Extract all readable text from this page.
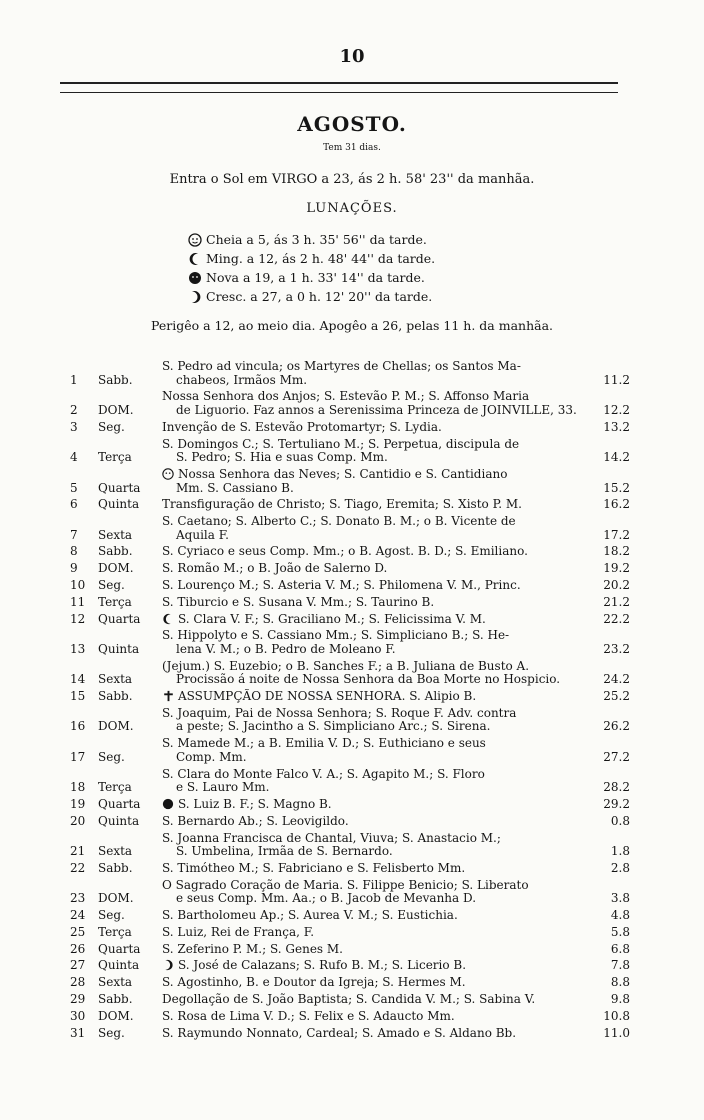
10
AGOSTO.
Tem 31 dias.
Entra o Sol em VIRGO a 23, ás 2 h. 58' 23'' da manhãa.
LUNAÇÕES.
Cheia a 5, ás 3 h. 35' 56'' da tarde.
Ming. a 12, ás 2 h. 48' 44'' da tarde.
Nova a 19, a 1 h. 33' 14'' da tarde.
Cresc. a 27, a 0 h. 12' 20'' da tarde.
Perigêo a 12, ao meio dia. Apogêo a 26, pelas 11 h. da manhãa.
1	Sabb.
S. Pedro ad vincula; os Martyres de Chellas; os Santos Ma-
chabeos, Irmãos Mm.	11.2
2	DOM.
Nossa Senhora dos Anjos; S. Estevão P. M.; S. Affonso Maria
de Liguorio. Faz annos a Serenissima Princeza de JOINVILLE, 33.	12.2
3	Seg.	Invenção de S. Estevão Protomartyr; S. Lydia.	13.2
4	Terça
S. Domingos C.; S. Tertuliano M.; S. Perpetua, discipula de
S. Pedro; S. Hia e suas Comp. Mm.	14.2
5	Quarta
Nossa Senhora das Neves; S. Cantidio e S. Cantidiano
Mm. S. Cassiano B.	15.2
6	Quinta	Transfiguração de Christo; S. Tiago, Eremita; S. Xisto P. M.	16.2
7	Sexta
S. Caetano; S. Alberto C.; S. Donato B. M.; o B. Vicente de
Aquila F.	17.2
8	Sabb.	S. Cyriaco e seus Comp. Mm.; o B. Agost. B. D.; S. Emiliano.	18.2
9	DOM.	S. Romão M.; o B. João de Salerno D.	19.2
10	Seg.	S. Lourenço M.; S. Asteria V. M.; S. Philomena V. M., Princ.	20.2
11	Terça	S. Tiburcio e S. Susana V. Mm.; S. Taurino B.	21.2
12	Quarta	S. Clara V. F.; S. Graciliano M.; S. Felicissima V. M.	22.2
13	Quinta
S. Hippolyto e S. Cassiano Mm.; S. Simpliciano B.; S. He-
lena V. M.; o B. Pedro de Moleano F.	23.2
14	Sexta
(Jejum.) S. Euzebio; o B. Sanches F.; a B. Juliana de Busto A.
Procissão á noite de Nossa Senhora da Boa Morte no Hospicio.	24.2
15	Sabb.	ASSUMPÇÃO DE NOSSA SENHORA. S. Alipio B.	25.2
16	DOM.
S. Joaquim, Pai de Nossa Senhora; S. Roque F. Adv. contra
a peste; S. Jacintho a S. Simpliciano Arc.; S. Sirena.	26.2
17	Seg.
S. Mamede M.; a B. Emilia V. D.; S. Euthiciano e seus
Comp. Mm.	27.2
18	Terça
S. Clara do Monte Falco V. A.; S. Agapito M.; S. Floro
e S. Lauro Mm.	28.2
19	Quarta	S. Luiz B. F.; S. Magno B.	29.2
20	Quinta	S. Bernardo Ab.; S. Leovigildo.	0.8
21	Sexta
S. Joanna Francisca de Chantal, Viuva; S. Anastacio M.;
S. Umbelina, Irmãa de S. Bernardo.	1.8
22	Sabb.	S. Timótheo M.; S. Fabriciano e S. Felisberto Mm.	2.8
23	DOM.
O Sagrado Coração de Maria. S. Filippe Benicio; S. Liberato
e seus Comp. Mm. Aa.; o B. Jacob de Mevanha D.	3.8
24	Seg.	S. Bartholomeu Ap.; S. Aurea V. M.; S. Eustichia.	4.8
25	Terça	S. Luiz, Rei de França, F.	5.8
26	Quarta	S. Zeferino P. M.; S. Genes M.	6.8
27	Quinta	S. José de Calazans; S. Rufo B. M.; S. Licerio B.	7.8
28	Sexta	S. Agostinho, B. e Doutor da Igreja; S. Hermes M.	8.8
29	Sabb.	Degollação de S. João Baptista; S. Candida V. M.; S. Sabina V.	9.8
30	DOM.	S. Rosa de Lima V. D.; S. Felix e S. Adaucto Mm.	10.8
31	Seg.	S. Raymundo Nonnato, Cardeal; S. Amado e S. Aldano Bb.	11.0
